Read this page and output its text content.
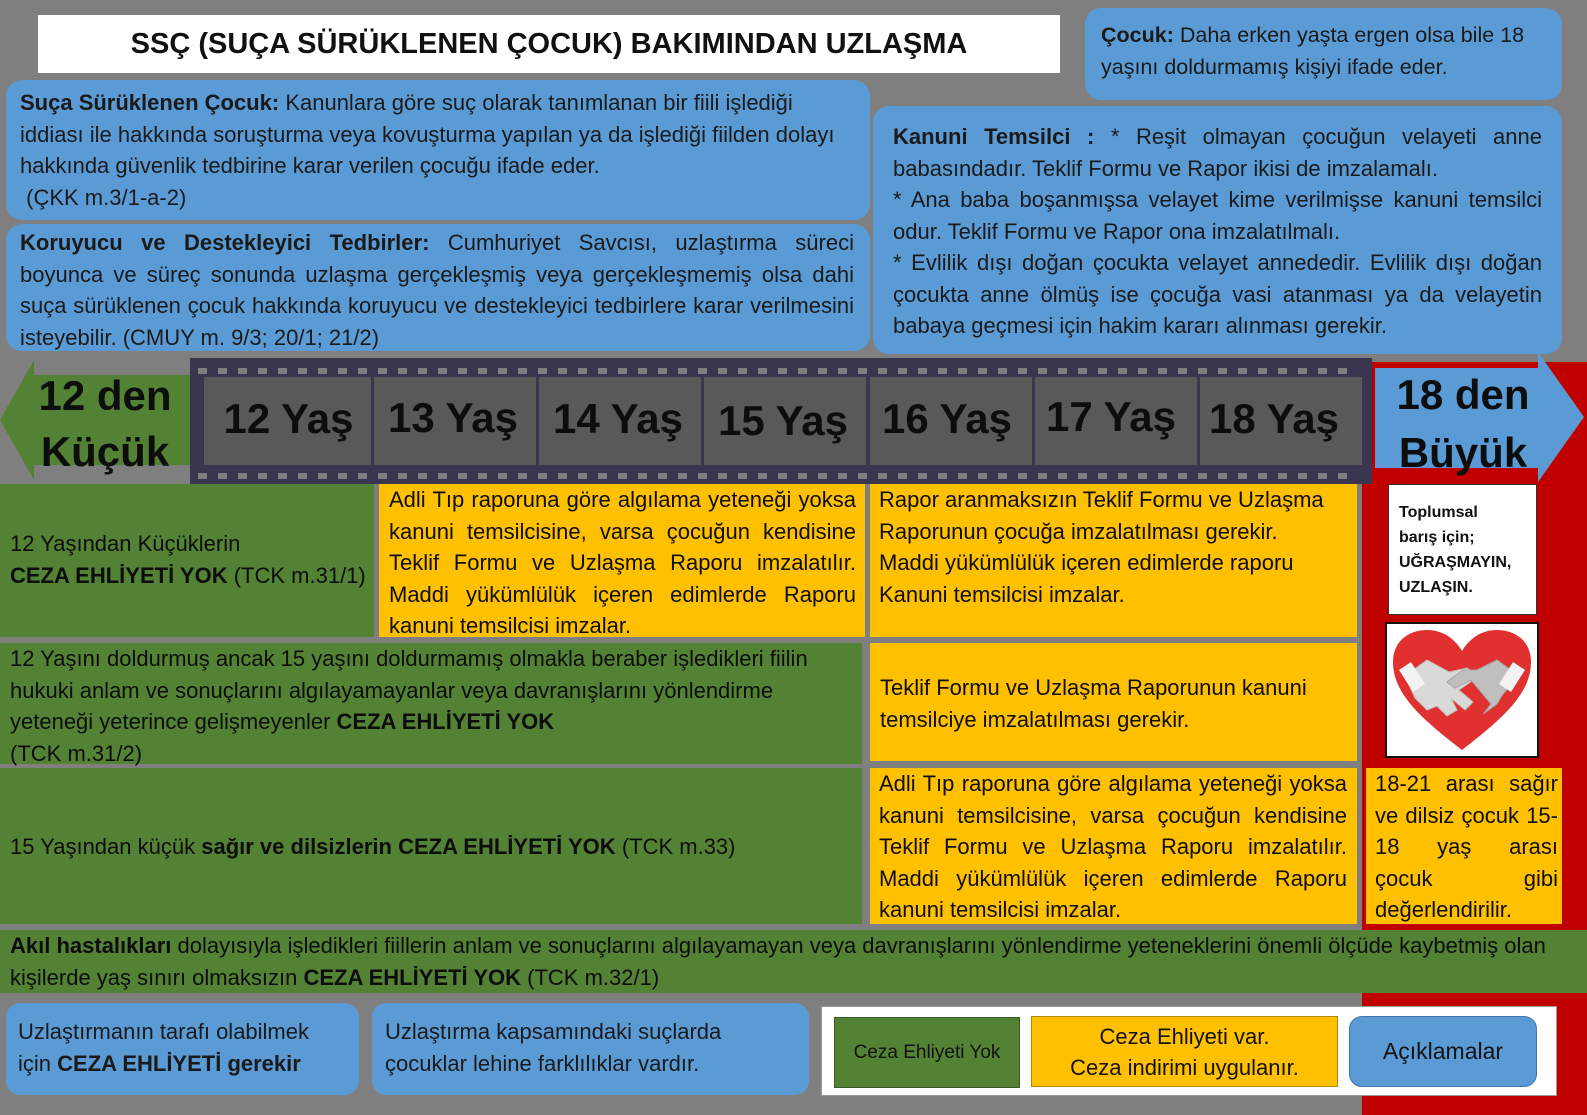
SSÇ (SUÇA SÜRÜKLENEN ÇOCUK) BAKIMINDAN UZLAŞMA	Çocuk: Daha erken yaşta ergen olsa bile 18 yaşını doldurmamış kişiyi ifade eder.
Suça Sürüklenen Çocuk: Kanunlara göre suç olarak tanımlanan bir fiili işlediği iddiası ile hakkında soruşturma veya kovuşturma yapılan ya da işlediği fiilden dolayı hakkında güvenlik tedbirine karar verilen çocuğu ifade eder.
(ÇKK m.3/1-a-2)
Koruyucu ve Destekleyici Tedbirler: Cumhuriyet Savcısı, uzlaştırma süreci boyunca ve süreç sonunda uzlaşma gerçekleşmiş veya gerçekleşmemiş olsa dahi suça sürüklenen çocuk hakkında koruyucu ve destekleyici tedbirlere karar verilmesini isteyebilir. (CMUY m. 9/3; 20/1; 21/2)
Kanuni Temsilci : * Reşit olmayan çocuğun velayeti anne babasındadır. Teklif Formu ve Rapor ikisi de imzalamalı.
* Ana baba boşanmışsa velayet kime verilmişse kanuni temsilci odur. Teklif Formu ve Rapor ona imzalatılmalı.
* Evlilik dışı doğan çocukta velayet annededir. Evlilik dışı doğan çocukta anne ölmüş ise çocuğa vasi atanması ya da velayetin babaya geçmesi için hakim kararı alınması gerekir.
12 den
Küçük
18 den
Büyük
12 Yaş 13 Yaş 14 Yaş 15 Yaş 16 Yaş 17 Yaş 18 Yaş
12 Yaşından Küçüklerin
CEZA EHLİYETİ YOK (TCK m.31/1)
Adli Tıp raporuna göre algılama yeteneği yoksa kanuni temsilcisine, varsa çocuğun kendisine Teklif Formu ve Uzlaşma Raporu imzalatılır. Maddi yükümlülük içeren edimlerde Raporu kanuni temsilcisi imzalar.
Rapor aranmaksızın Teklif Formu ve Uzlaşma Raporunun çocuğa imzalatılması gerekir.
Maddi yükümlülük içeren edimlerde raporu Kanuni temsilcisi imzalar.
Toplumsal
barış için;
UĞRAŞMAYIN,
UZLAŞIN.
12 Yaşını doldurmuş ancak 15 yaşını doldurmamış olmakla beraber işledikleri fiilin hukuki anlam ve sonuçlarını algılayamayanlar veya davranışlarını yönlendirme yeteneği yeterince gelişmeyenler CEZA EHLİYETİ YOK
(TCK m.31/2)
Teklif Formu ve Uzlaşma Raporunun kanuni temsilciye imzalatılması gerekir.
15 Yaşından küçük sağır ve dilsizlerin CEZA EHLİYETİ YOK (TCK m.33)
Adli Tıp raporuna göre algılama yeteneği yoksa kanuni temsilcisine, varsa çocuğun kendisine Teklif Formu ve Uzlaşma Raporu imzalatılır. Maddi yükümlülük içeren edimlerde Raporu kanuni temsilcisi imzalar.
18-21 arası sağır ve dilsiz çocuk 15-18 yaş arası çocuk gibi değerlendirilir.
Akıl hastalıkları dolayısıyla işledikleri fiillerin anlam ve sonuçlarını algılayamayan veya davranışlarını yönlendirme yeteneklerini önemli ölçüde kaybetmiş olan kişilerde yaş sınırı olmaksızın CEZA EHLİYETİ YOK (TCK m.32/1)
Uzlaştırmanın tarafı olabilmek için CEZA EHLİYETİ gerekir
Uzlaştırma kapsamındaki suçlarda çocuklar lehine farklılıklar vardır.	Ceza Ehliyeti Yok
Ceza Ehliyeti var.
Ceza indirimi uygulanır.
Açıklamalar
